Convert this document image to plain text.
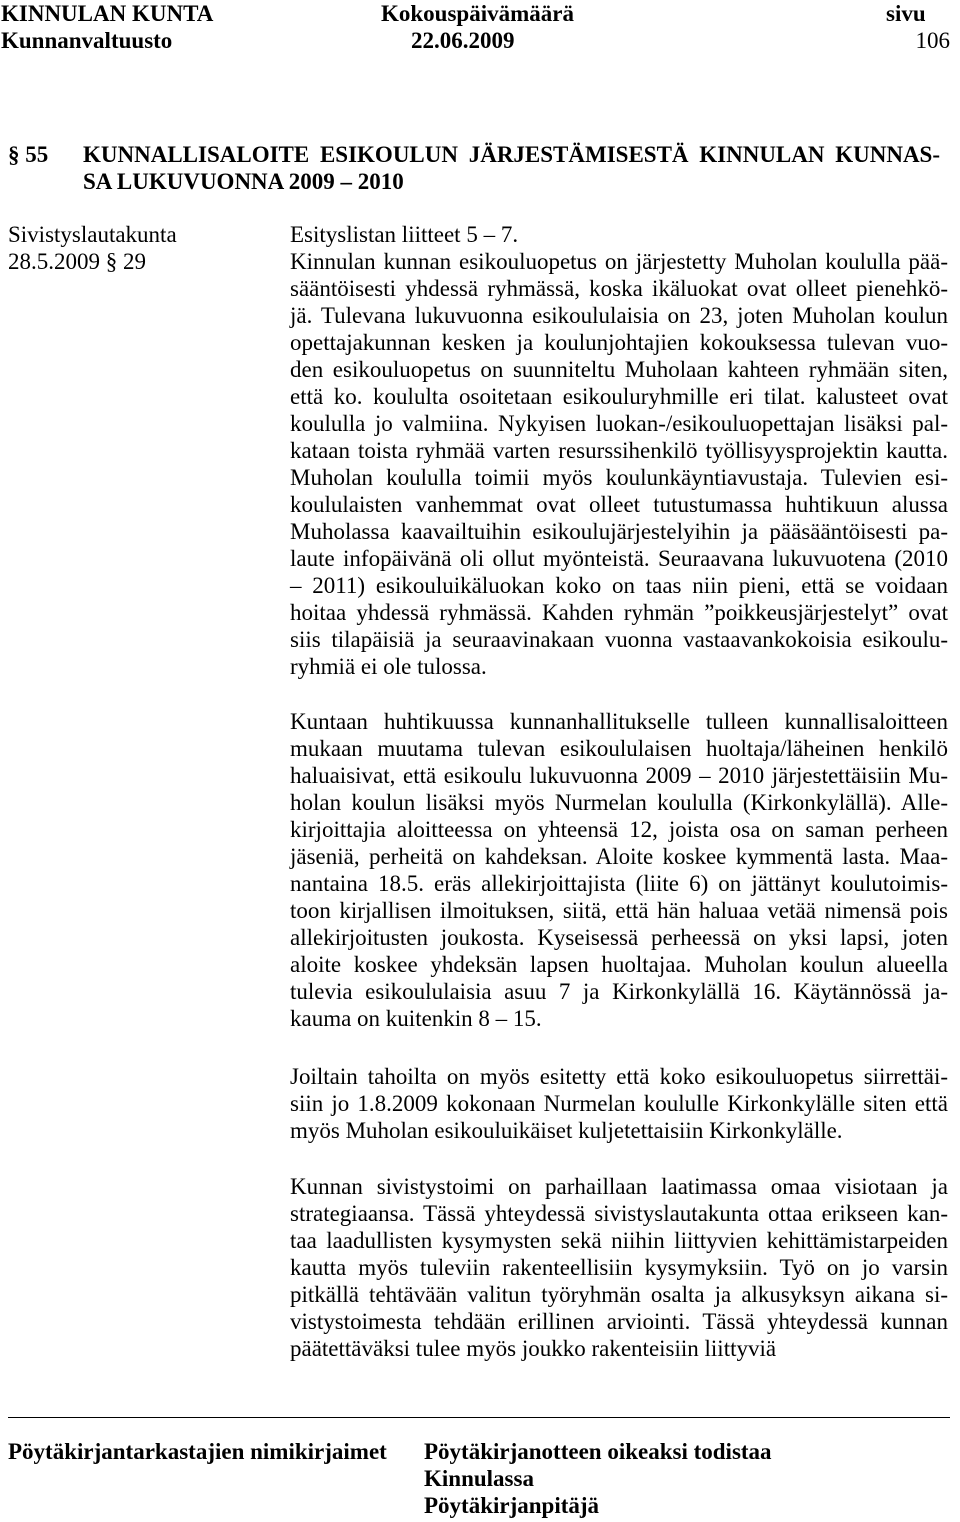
KINNULAN KUNTA	Kokouspäivämäärä	sivu
Kunnanvaltuusto	22.06.2009	106
§ 55 KUNNALLISALOITE ESIKOULUN JÄRJESTÄMISESTÄ KINNULAN KUNNAS-
SA LUKUVUONNA 2009 – 2010
Sivistyslautakunta
28.5.2009 § 29
Esityslistan liitteet 5 – 7.
Kinnulan kunnan esikouluopetus on järjestetty Muholan koululla pää-
sääntöisesti yhdessä ryhmässä, koska ikäluokat ovat olleet pienehkö-
jä. Tulevana lukuvuonna esikoululaisia on 23, joten Muholan koulun
opettajakunnan kesken ja koulunjohtajien kokouksessa tulevan vuo-
den esikouluopetus on suunniteltu Muholaan kahteen ryhmään siten,
että ko. koululta osoitetaan esikouluryhmille eri tilat. kalusteet ovat
koululla jo valmiina. Nykyisen luokan-/esikouluopettajan lisäksi pal-
kataan toista ryhmää varten resurssihenkilö työllisyysprojektin kautta.
Muholan koululla toimii myös koulunkäyntiavustaja. Tulevien esi-
koululaisten vanhemmat ovat olleet tutustumassa huhtikuun alussa
Muholassa kaavailtuihin esikoulujärjestelyihin ja pääsääntöisesti pa-
laute infopäivänä oli ollut myönteistä. Seuraavana lukuvuotena (2010
– 2011) esikouluikäluokan koko on taas niin pieni, että se voidaan
hoitaa yhdessä ryhmässä. Kahden ryhmän ”poikkeusjärjestelyt” ovat
siis tilapäisiä ja seuraavinakaan vuonna vastaavankokoisia esikoulu-
ryhmiä ei ole tulossa.
Kuntaan huhtikuussa kunnanhallitukselle tulleen kunnallisaloitteen
mukaan muutama tulevan esikoululaisen huoltaja/läheinen henkilö
haluaisivat, että esikoulu lukuvuonna 2009 – 2010 järjestettäisiin Mu-
holan koulun lisäksi myös Nurmelan koululla (Kirkonkylällä). Alle-
kirjoittajia aloitteessa on yhteensä 12, joista osa on saman perheen
jäseniä, perheitä on kahdeksan. Aloite koskee kymmentä lasta. Maa-
nantaina 18.5. eräs allekirjoittajista (liite 6) on jättänyt koulutoimis-
toon kirjallisen ilmoituksen, siitä, että hän haluaa vetää nimensä pois
allekirjoitusten joukosta. Kyseisessä perheessä on yksi lapsi, joten
aloite koskee yhdeksän lapsen huoltajaa. Muholan koulun alueella
tulevia esikoululaisia asuu 7 ja Kirkonkylällä 16. Käytännössä ja-
kauma on kuitenkin 8 – 15.
Joiltain tahoilta on myös esitetty että koko esikouluopetus siirrettäi-
siin jo 1.8.2009 kokonaan Nurmelan koululle Kirkonkylälle siten että
myös Muholan esikouluikäiset kuljetettaisiin Kirkonkylälle.
Kunnan sivistystoimi on parhaillaan laatimassa omaa visiotaan ja
strategiaansa. Tässä yhteydessä sivistyslautakunta ottaa erikseen kan-
taa laadullisten kysymysten sekä niihin liittyvien kehittämistarpeiden
kautta myös tuleviin rakenteellisiin kysymyksiin. Työ on jo varsin
pitkällä tehtävään valitun työryhmän osalta ja alkusyksyn aikana si-
vistystoimesta tehdään erillinen arviointi. Tässä yhteydessä kunnan
päätettäväksi tulee myös joukko rakenteisiin liittyviä
Pöytäkirjantarkastajien nimikirjaimet Pöytäkirjanotteen oikeaksi todistaa
Kinnulassa
Pöytäkirjanpitäjä
